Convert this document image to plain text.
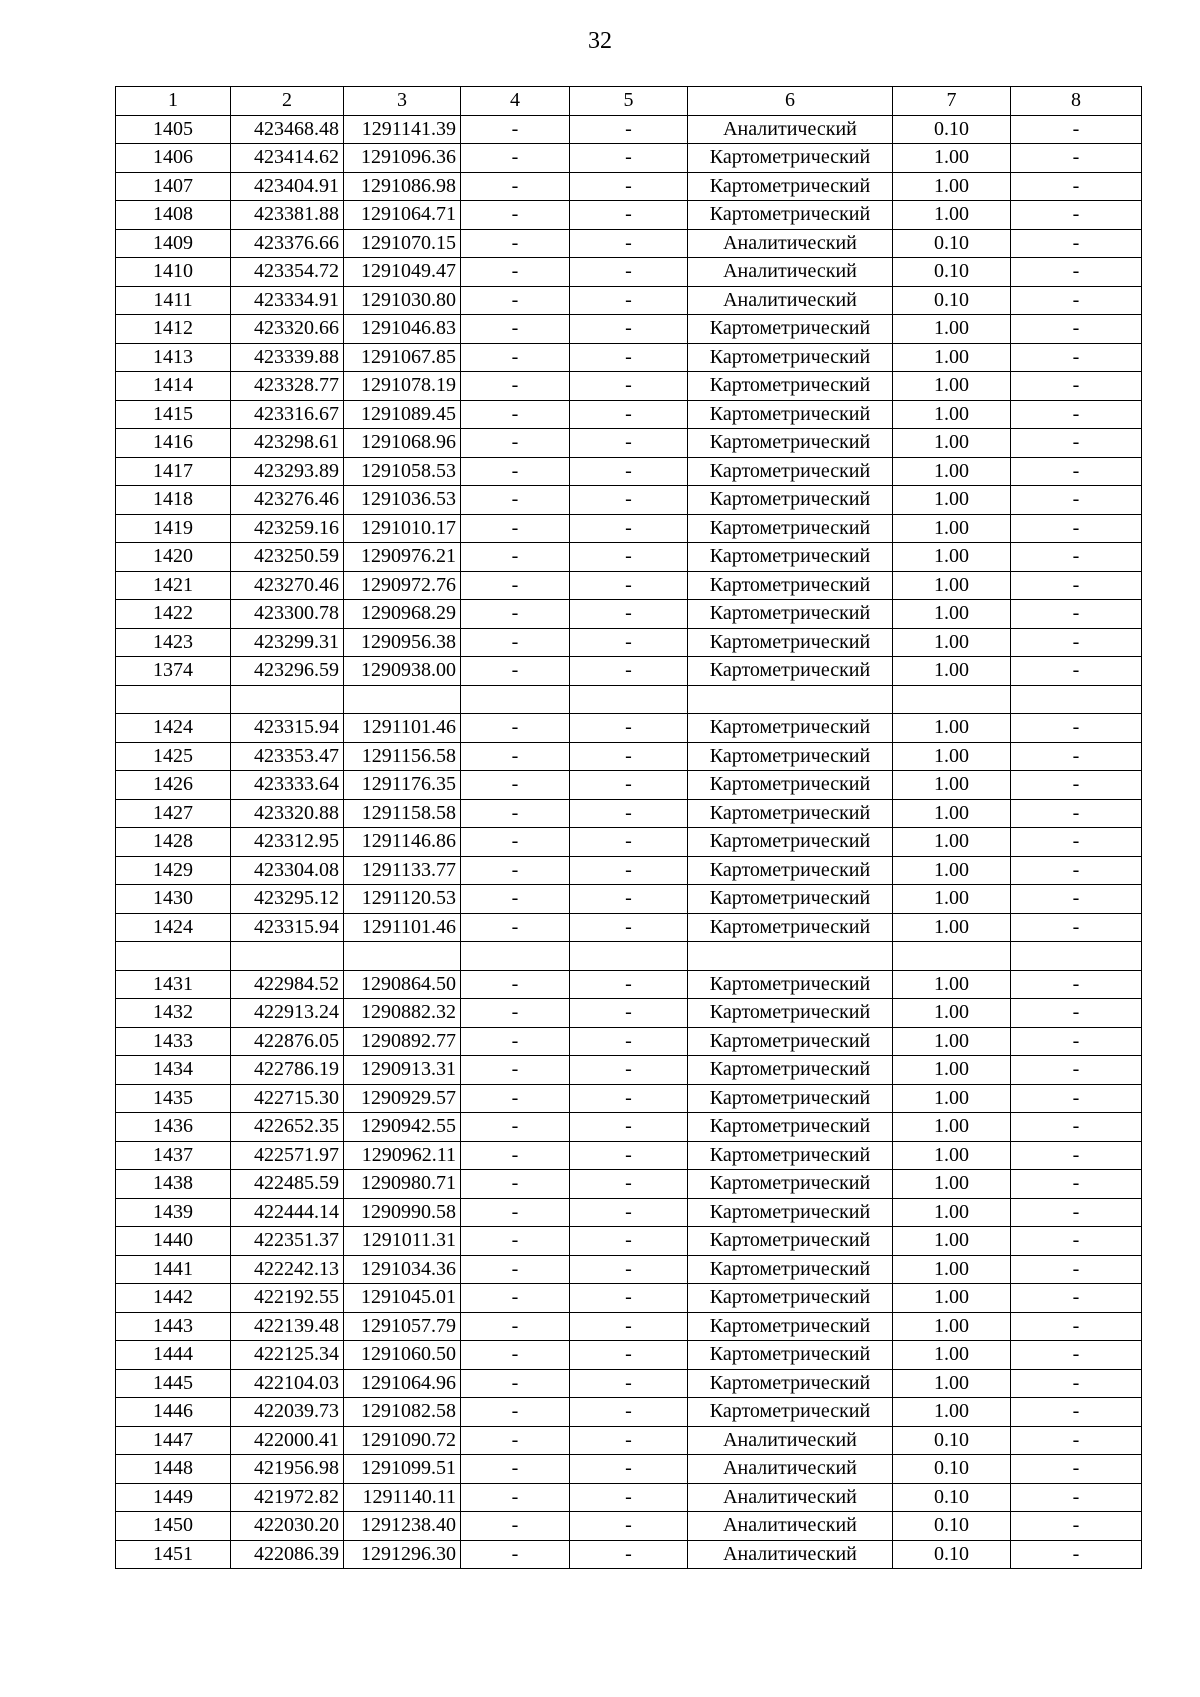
32
1	2	3	4	5	6	7	8
1405	423468.48	1291141.39	-	-	Аналитический	0.10	-
1406	423414.62	1291096.36	-	-	Картометрический	1.00	-
1407	423404.91	1291086.98	-	-	Картометрический	1.00	-
1408	423381.88	1291064.71	-	-	Картометрический	1.00	-
1409	423376.66	1291070.15	-	-	Аналитический	0.10	-
1410	423354.72	1291049.47	-	-	Аналитический	0.10	-
1411	423334.91	1291030.80	-	-	Аналитический	0.10	-
1412	423320.66	1291046.83	-	-	Картометрический	1.00	-
1413	423339.88	1291067.85	-	-	Картометрический	1.00	-
1414	423328.77	1291078.19	-	-	Картометрический	1.00	-
1415	423316.67	1291089.45	-	-	Картометрический	1.00	-
1416	423298.61	1291068.96	-	-	Картометрический	1.00	-
1417	423293.89	1291058.53	-	-	Картометрический	1.00	-
1418	423276.46	1291036.53	-	-	Картометрический	1.00	-
1419	423259.16	1291010.17	-	-	Картометрический	1.00	-
1420	423250.59	1290976.21	-	-	Картометрический	1.00	-
1421	423270.46	1290972.76	-	-	Картометрический	1.00	-
1422	423300.78	1290968.29	-	-	Картометрический	1.00	-
1423	423299.31	1290956.38	-	-	Картометрический	1.00	-
1374	423296.59	1290938.00	-	-	Картометрический	1.00	-

1424	423315.94	1291101.46	-	-	Картометрический	1.00	-
1425	423353.47	1291156.58	-	-	Картометрический	1.00	-
1426	423333.64	1291176.35	-	-	Картометрический	1.00	-
1427	423320.88	1291158.58	-	-	Картометрический	1.00	-
1428	423312.95	1291146.86	-	-	Картометрический	1.00	-
1429	423304.08	1291133.77	-	-	Картометрический	1.00	-
1430	423295.12	1291120.53	-	-	Картометрический	1.00	-
1424	423315.94	1291101.46	-	-	Картометрический	1.00	-

1431	422984.52	1290864.50	-	-	Картометрический	1.00	-
1432	422913.24	1290882.32	-	-	Картометрический	1.00	-
1433	422876.05	1290892.77	-	-	Картометрический	1.00	-
1434	422786.19	1290913.31	-	-	Картометрический	1.00	-
1435	422715.30	1290929.57	-	-	Картометрический	1.00	-
1436	422652.35	1290942.55	-	-	Картометрический	1.00	-
1437	422571.97	1290962.11	-	-	Картометрический	1.00	-
1438	422485.59	1290980.71	-	-	Картометрический	1.00	-
1439	422444.14	1290990.58	-	-	Картометрический	1.00	-
1440	422351.37	1291011.31	-	-	Картометрический	1.00	-
1441	422242.13	1291034.36	-	-	Картометрический	1.00	-
1442	422192.55	1291045.01	-	-	Картометрический	1.00	-
1443	422139.48	1291057.79	-	-	Картометрический	1.00	-
1444	422125.34	1291060.50	-	-	Картометрический	1.00	-
1445	422104.03	1291064.96	-	-	Картометрический	1.00	-
1446	422039.73	1291082.58	-	-	Картометрический	1.00	-
1447	422000.41	1291090.72	-	-	Аналитический	0.10	-
1448	421956.98	1291099.51	-	-	Аналитический	0.10	-
1449	421972.82	1291140.11	-	-	Аналитический	0.10	-
1450	422030.20	1291238.40	-	-	Аналитический	0.10	-
1451	422086.39	1291296.30	-	-	Аналитический	0.10	-
